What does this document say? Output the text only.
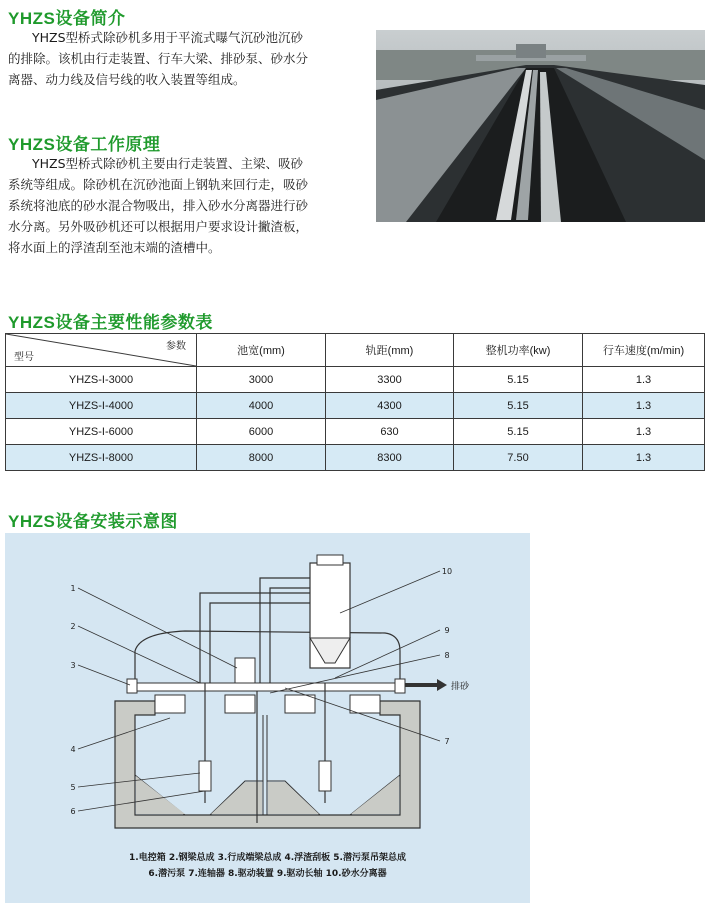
YHZS设备简介

YHZS型桥式除砂机多用于平流式曝气沉砂池沉砂
的排除。该机由行走装置、行车大梁、排砂泵、砂水分
离器、动力线及信号线的收入装置等组成。

YHZS设备工作原理

YHZS型桥式除砂机主要由行走装置、主梁、吸砂
系统等组成。除砂机在沉砂池面上钢轨来回行走，吸砂
系统将池底的砂水混合物吸出，排入砂水分离器进行砂
水分离。另外吸砂机还可以根据用户要求设计撇渣板，
将水面上的浮渣刮至池末端的渣槽中。

YHZS设备主要性能参数表
参数
型号	池宽(mm)	轨距(mm)	整机功率(kw)	行车速度(m/min)
YHZS-I-3000	3000	3300	5.15	1.3
YHZS-I-4000	4000	4300	5.15	1.3
YHZS-I-6000	6000	630	5.15	1.3
YHZS-I-8000	8000	8300	7.50	1.3
YHZS设备安装示意图
排砂
1
2
3
4
5
6
7
8
9
10
1.电控箱 2.钢梁总成 3.行成端梁总成 4.浮渣刮板 5.潜污泵吊架总成
6.潜污泵 7.连轴器 8.驱动装置 9.驱动长轴 10.砂水分离器
